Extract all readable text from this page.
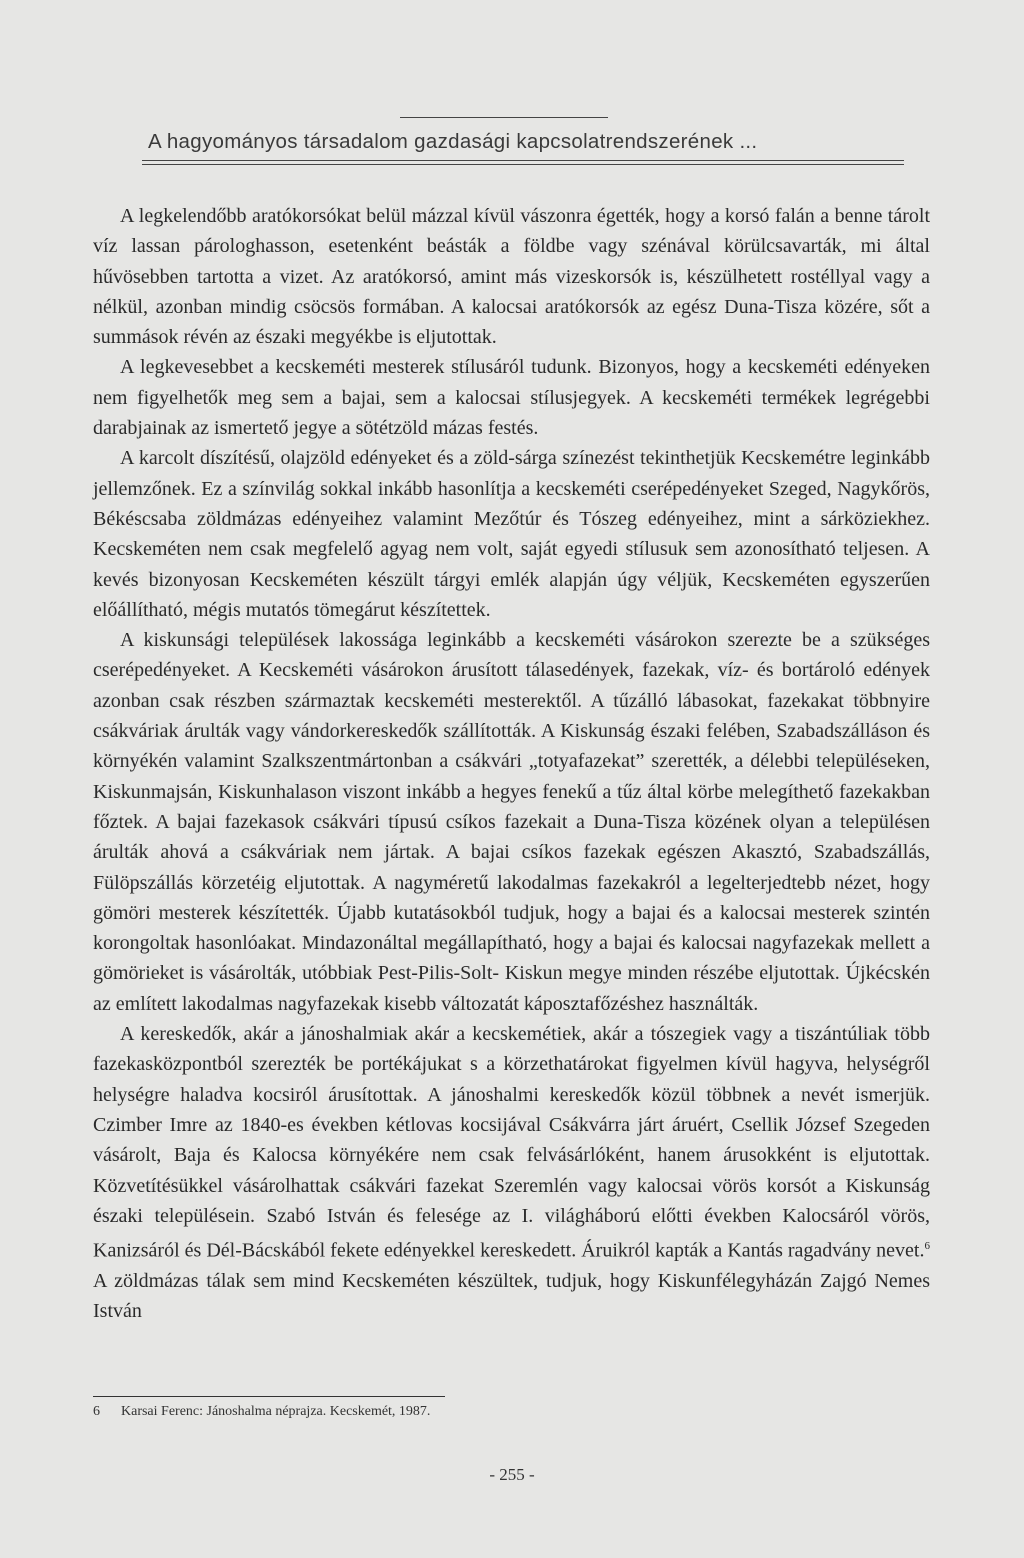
A hagyományos társadalom gazdasági kapcsolatrendszerének ...

A legkelendőbb aratókorsókat belül mázzal kívül vászonra égették, hogy a korsó falán a benne tárolt víz lassan párologhasson, esetenként beásták a földbe vagy szénával körülcsavarták, mi által hűvösebben tartotta a vizet. Az aratókorsó, amint más vizeskorsók is, készülhetett rostéllyal vagy a nélkül, azonban mindig csöcsös formában. A kalocsai aratókorsók az egész Duna-Tisza közére, sőt a summások révén az északi megyékbe is eljutottak.

A legkevesebbet a kecskeméti mesterek stílusáról tudunk. Bizonyos, hogy a kecskeméti edényeken nem figyelhetők meg sem a bajai, sem a kalocsai stílusjegyek. A kecskeméti termékek legrégebbi darabjainak az ismertető jegye a sötétzöld mázas festés.

A karcolt díszítésű, olajzöld edényeket és a zöld-sárga színezést tekinthetjük Kecskemétre leginkább jellemzőnek. Ez a színvilág sokkal inkább hasonlítja a kecskeméti cserépedényeket Szeged, Nagykőrös, Békéscsaba zöldmázas edényeihez valamint Mezőtúr és Tószeg edényeihez, mint a sárköziekhez. Kecskeméten nem csak megfelelő agyag nem volt, saját egyedi stílusuk sem azonosítható teljesen. A kevés bizonyosan Kecskeméten készült tárgyi emlék alapján úgy véljük, Kecskeméten egyszerűen előállítható, mégis mutatós tömegárut készítettek.

A kiskunsági települések lakossága leginkább a kecskeméti vásárokon szerezte be a szükséges cserépedényeket. A Kecskeméti vásárokon árusított tálasedények, fazekak, víz- és bortároló edények azonban csak részben származtak kecskeméti mesterektől. A tűzálló lábasokat, fazekakat többnyire csákváriak árulták vagy vándorkereskedők szállították. A Kiskunság északi felében, Szabadszálláson és környékén valamint Szalkszentmártonban a csákvári „totyafazekat” szerették, a délebbi településeken, Kiskunmajsán, Kiskunhalason viszont inkább a hegyes fenekű a tűz által körbe melegíthető fazekakban főztek. A bajai fazekasok csákvári típusú csíkos fazekait a Duna-Tisza közének olyan a településen árulták ahová a csákváriak nem jártak. A bajai csíkos fazekak egészen Akasztó, Szabadszállás, Fülöpszállás körzetéig eljutottak. A nagyméretű lakodalmas fazekakról a legelterjedtebb nézet, hogy gömöri mesterek készítették. Újabb kutatásokból tudjuk, hogy a bajai és a kalocsai mesterek szintén korongoltak hasonlóakat. Mindazonáltal megállapítható, hogy a bajai és kalocsai nagyfazekak mellett a gömörieket is vásárolták, utóbbiak Pest-Pilis-Solt- Kiskun megye minden részébe eljutottak. Újkécskén az említett lakodalmas nagyfazekak kisebb változatát káposztafőzéshez használták.

A kereskedők, akár a jánoshalmiak akár a kecskemétiek, akár a tószegiek vagy a tiszántúliak több fazekasközpontból szerezték be portékájukat s a körzethatárokat figyelmen kívül hagyva, helységről helységre haladva kocsiról árusítottak. A jánoshalmi kereskedők közül többnek a nevét ismerjük. Czimber Imre az 1840-es években kétlovas kocsijával Csákvárra járt áruért, Csellik József Szegeden vásárolt, Baja és Kalocsa környékére nem csak felvásárlóként, hanem árusokként is eljutottak. Közvetítésükkel vásárolhattak csákvári fazekat Szeremlén vagy kalocsai vörös korsót a Kiskunság északi településein. Szabó István és felesége az I. világháború előtti években Kalocsáról vörös, Kanizsáról és Dél-Bácskából fekete edényekkel kereskedett. Áruikról kapták a Kantás ragadvány nevet.$^6$ A zöldmázas tálak sem mind Kecskeméten készültek, tudjuk, hogy Kiskunfélegyházán Zajgó Nemes István

6 Karsai Ferenc: Jánoshalma néprajza. Kecskemét, 1987.
- 255 -
